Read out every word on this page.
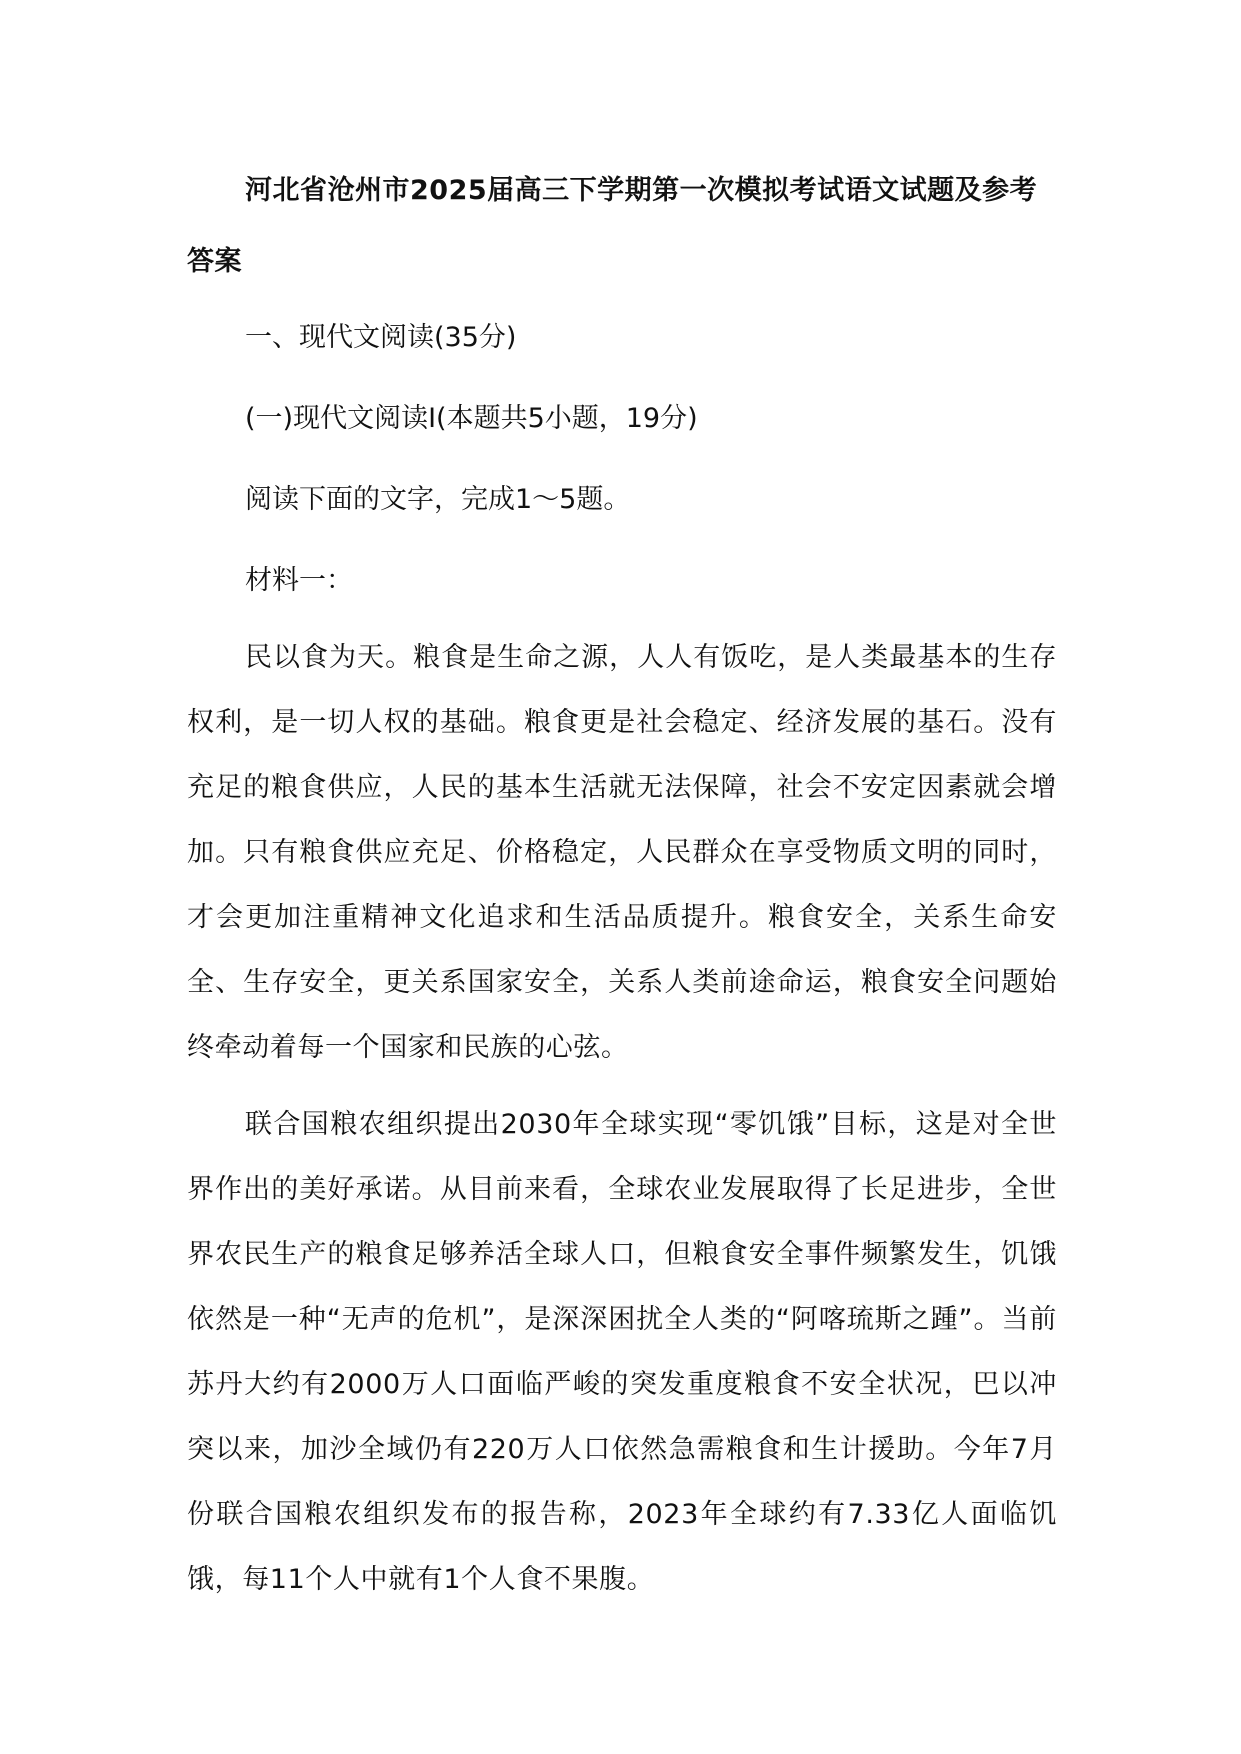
河北省沧州市2025届高三下学期第一次模拟考试语文试题及参考答案

一、现代文阅读(35分)

(一)现代文阅读Ⅰ(本题共5小题，19分)

阅读下面的文字，完成1～5题。

材料一：

民以食为天。粮食是生命之源，人人有饭吃，是人类最基本的生存权利，是一切人权的基础。粮食更是社会稳定、经济发展的基石。没有充足的粮食供应，人民的基本生活就无法保障，社会不安定因素就会增加。只有粮食供应充足、价格稳定，人民群众在享受物质文明的同时，才会更加注重精神文化追求和生活品质提升。粮食安全，关系生命安全、生存安全，更关系国家安全，关系人类前途命运，粮食安全问题始终牵动着每一个国家和民族的心弦。

联合国粮农组织提出2030年全球实现“零饥饿”目标，这是对全世界作出的美好承诺。从目前来看，全球农业发展取得了长足进步，全世界农民生产的粮食足够养活全球人口，但粮食安全事件频繁发生，饥饿依然是一种“无声的危机”，是深深困扰全人类的“阿喀琉斯之踵”。当前苏丹大约有2000万人口面临严峻的突发重度粮食不安全状况，巴以冲突以来，加沙全域仍有220万人口依然急需粮食和生计援助。今年7月份联合国粮农组织发布的报告称，2023年全球约有7.33亿人面临饥饿，每11个人中就有1个人食不果腹。
